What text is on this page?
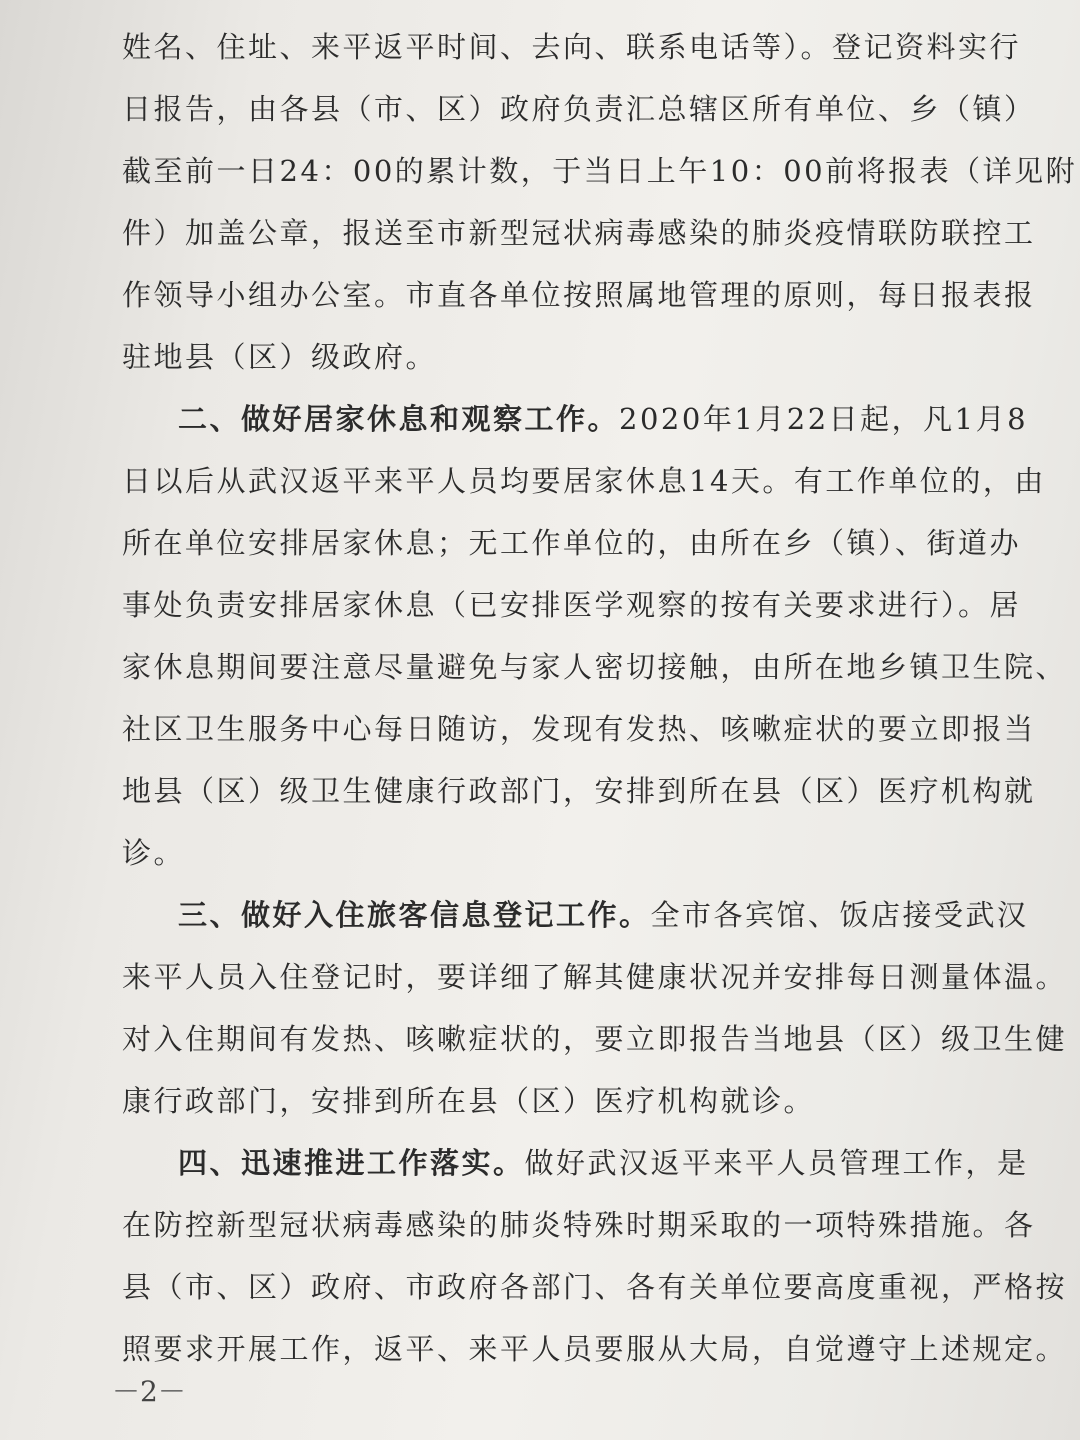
姓名、住址、来平返平时间、去向、联系电话等）。登记资料实行
日报告，由各县（市、区）政府负责汇总辖区所有单位、乡（镇）
截至前一日24：00的累计数，于当日上午10：00前将报表（详见附
件）加盖公章，报送至市新型冠状病毒感染的肺炎疫情联防联控工
作领导小组办公室。市直各单位按照属地管理的原则，每日报表报
驻地县（区）级政府。
二、做好居家休息和观察工作。2020年1月22日起，凡1月8
日以后从武汉返平来平人员均要居家休息14天。有工作单位的，由
所在单位安排居家休息；无工作单位的，由所在乡（镇）、街道办
事处负责安排居家休息（已安排医学观察的按有关要求进行）。居
家休息期间要注意尽量避免与家人密切接触，由所在地乡镇卫生院、
社区卫生服务中心每日随访，发现有发热、咳嗽症状的要立即报当
地县（区）级卫生健康行政部门，安排到所在县（区）医疗机构就
诊。
三、做好入住旅客信息登记工作。全市各宾馆、饭店接受武汉
来平人员入住登记时，要详细了解其健康状况并安排每日测量体温。
对入住期间有发热、咳嗽症状的，要立即报告当地县（区）级卫生健
康行政部门，安排到所在县（区）医疗机构就诊。
四、迅速推进工作落实。做好武汉返平来平人员管理工作，是
在防控新型冠状病毒感染的肺炎特殊时期采取的一项特殊措施。各
县（市、区）政府、市政府各部门、各有关单位要高度重视，严格按
照要求开展工作，返平、来平人员要服从大局，自觉遵守上述规定。
－2－
